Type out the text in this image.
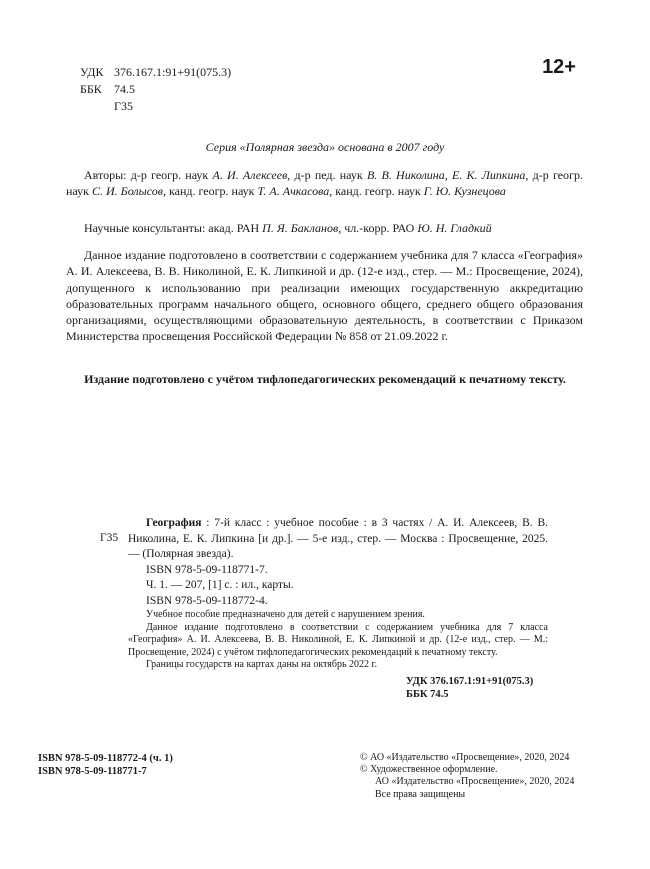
УДК 376.167.1:91+91(075.3)
ББК 74.5
Г35
12+
Серия «Полярная звезда» основана в 2007 году

Авторы: д-р геогр. наук А. И. Алексеев, д-р пед. наук В. В. Николина, Е. К. Липкина, д-р геогр. наук С. И. Болысов, канд. геогр. наук Т. А. Ачкасова, канд. геогр. наук Г. Ю. Кузнецова

Научные консультанты: акад. РАН П. Я. Бакланов, чл.-корр. РАО Ю. Н. Гладкий

Данное издание подготовлено в соответствии с содержанием учебника для 7 класса «География» А. И. Алексеева, В. В. Николиной, Е. К. Липкиной и др. (12-е изд., стер. — М.: Просвещение, 2024), допущенного к использованию при реализации имеющих государственную аккредитацию образовательных программ начального общего, основного общего, среднего общего образования организациями, осуществляющими образовательную деятельность, в соответствии с Приказом Министерства просвещения Российской Федерации № 858 от 21.09.2022 г.

Издание подготовлено с учётом тифлопедагогических рекомендаций к печатному тексту.

Г35

География : 7-й класс : учебное пособие : в 3 частях / А. И. Алексеев, В. В. Николина, Е. К. Липкина [и др.]. — 5-е изд., стер. — Москва : Просвещение, 2025. — (Полярная звезда).

ISBN 978-5-09-118771-7.

Ч. 1. — 207, [1] с. : ил., карты.

ISBN 978-5-09-118772-4.

Учебное пособие предназначено для детей с нарушением зрения.

Данное издание подготовлено в соответствии с содержанием учебника для 7 класса «География» А. И. Алексеева, В. В. Николиной, Е. К. Липкиной и др. (12-е изд., стер. — М.: Просвещение, 2024) с учётом тифлопедагогических рекомендаций к печатному тексту.

Границы государств на картах даны на октябрь 2022 г.

УДК 376.167.1:91+91(075.3)
ББК 74.5
ISBN 978-5-09-118772-4 (ч. 1)
ISBN 978-5-09-118771-7
© АО «Издательство «Просвещение», 2020, 2024
© Художественное оформление.
АО «Издательство «Просвещение», 2020, 2024
Все права защищены
